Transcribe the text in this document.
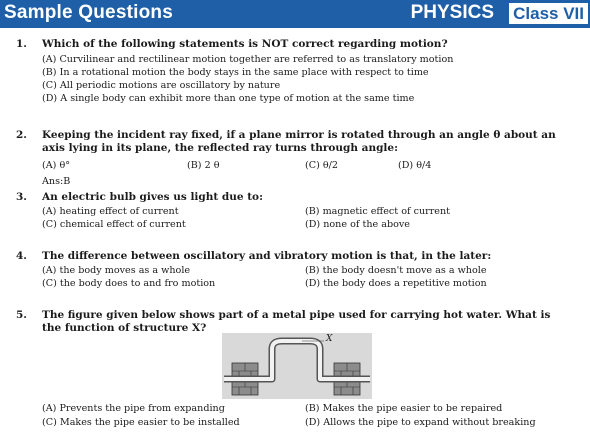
Sample Questions	PHYSICS Class VII
1. Which of the following statements is NOT correct regarding motion?
(A) Curvilinear and rectilinear motion together are referred to as translatory motion
(B) In a rotational motion the body stays in the same place with respect to time
(C) All periodic motions are oscillatory by nature
(D) A single body can exhibit more than one type of motion at the same time
2. Keeping the incident ray fixed, if a plane mirror is rotated through an angle θ about an axis lying in its plane, the reflected ray turns through angle:
(A) θ°	(B) 2 θ	(C) θ/2	(D) θ/4
Ans:B
3. An electric bulb gives us light due to:
(A) heating effect of current	(B) magnetic effect of current
(C) chemical effect of current	(D) none of the above
4. The difference between oscillatory and vibratory motion is that, in the later:
(A) the body moves as a whole	(B) the body doesn't move as a whole
(C) the body does to and fro motion	(D) the body does a repetitive motion
5. The figure given below shows part of a metal pipe used for carrying hot water. What is the function of structure X?
X
(A) Prevents the pipe from expanding	(B) Makes the pipe easier to be repaired
(C) Makes the pipe easier to be installed	(D) Allows the pipe to expand without breaking
